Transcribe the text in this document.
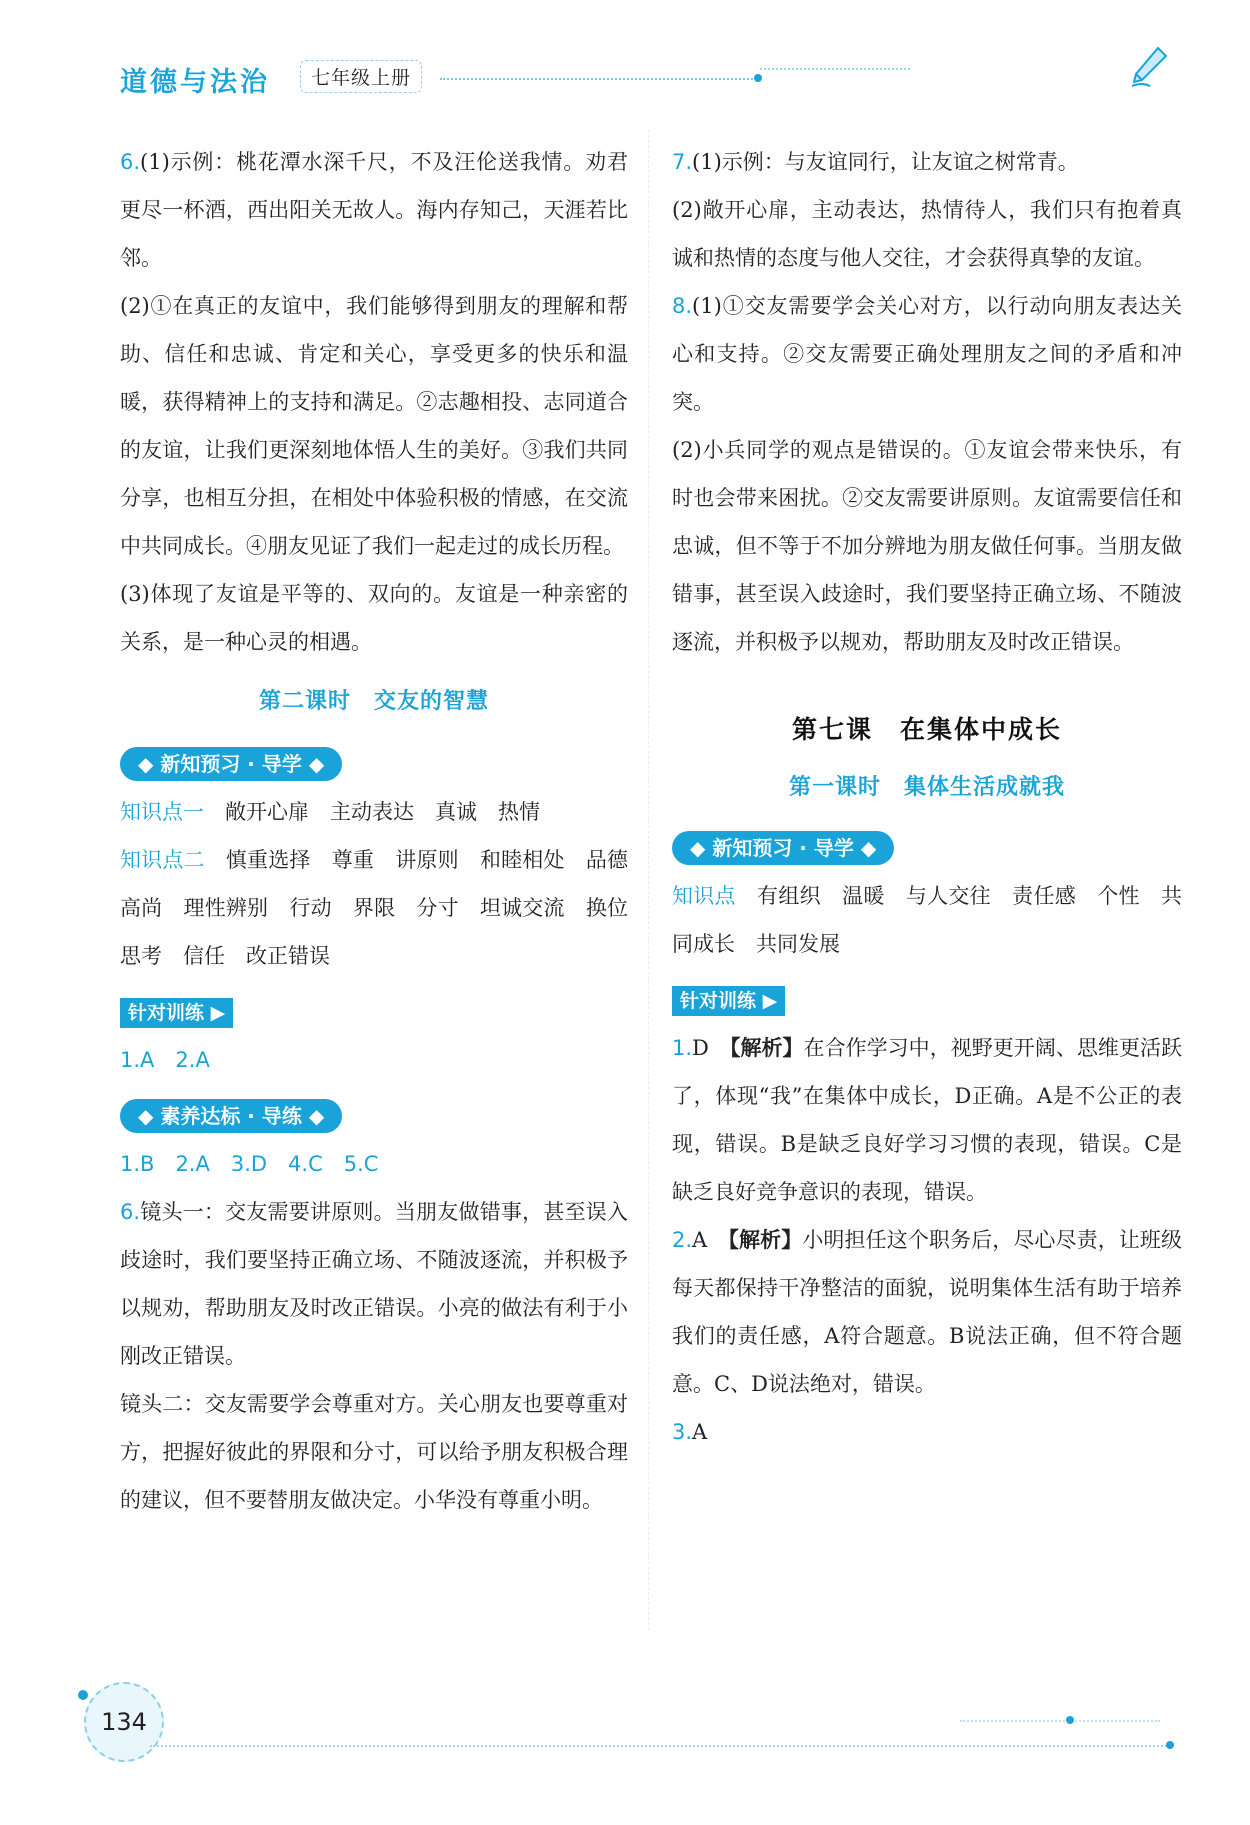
道德与法治	七年级上册

6.(1)示例：桃花潭水深千尺，不及汪伦送我情。劝君更尽一杯酒，西出阳关无故人。海内存知己，天涯若比邻。

(2)①在真正的友谊中，我们能够得到朋友的理解和帮助、信任和忠诚、肯定和关心，享受更多的快乐和温暖，获得精神上的支持和满足。②志趣相投、志同道合的友谊，让我们更深刻地体悟人生的美好。③我们共同分享，也相互分担，在相处中体验积极的情感，在交流中共同成长。④朋友见证了我们一起走过的成长历程。

(3)体现了友谊是平等的、双向的。友谊是一种亲密的关系，是一种心灵的相遇。

第二课时　交友的智慧
◆ 新知预习 · 导学 ◆

知识点一　敞开心扉　主动表达　真诚　热情

知识点二　慎重选择　尊重　讲原则　和睦相处　品德高尚　理性辨别　行动　界限　分寸　坦诚交流　换位思考　信任　改正错误

针对训练 ▶

1.A　2.A

◆ 素养达标 · 导练 ◆

1.B　2.A　3.D　4.C　5.C

6.镜头一：交友需要讲原则。当朋友做错事，甚至误入歧途时，我们要坚持正确立场、不随波逐流，并积极予以规劝，帮助朋友及时改正错误。小亮的做法有利于小刚改正错误。

镜头二：交友需要学会尊重对方。关心朋友也要尊重对方，把握好彼此的界限和分寸，可以给予朋友积极合理的建议，但不要替朋友做决定。小华没有尊重小明。

7.(1)示例：与友谊同行，让友谊之树常青。

(2)敞开心扉，主动表达，热情待人，我们只有抱着真诚和热情的态度与他人交往，才会获得真挚的友谊。

8.(1)①交友需要学会关心对方，以行动向朋友表达关心和支持。②交友需要正确处理朋友之间的矛盾和冲突。

(2)小兵同学的观点是错误的。①友谊会带来快乐，有时也会带来困扰。②交友需要讲原则。友谊需要信任和忠诚，但不等于不加分辨地为朋友做任何事。当朋友做错事，甚至误入歧途时，我们要坚持正确立场、不随波逐流，并积极予以规劝，帮助朋友及时改正错误。

第七课　在集体中成长
第一课时　集体生活成就我
◆ 新知预习 · 导学 ◆

知识点　有组织　温暖　与人交往　责任感　个性　共同成长　共同发展

针对训练 ▶

1.D　【解析】在合作学习中，视野更开阔、思维更活跃了，体现“我”在集体中成长，D正确。A是不公正的表现，错误。B是缺乏良好学习习惯的表现，错误。C是缺乏良好竞争意识的表现，错误。

2.A　【解析】小明担任这个职务后，尽心尽责，让班级每天都保持干净整洁的面貌，说明集体生活有助于培养我们的责任感，A符合题意。B说法正确，但不符合题意。C、D说法绝对，错误。

3.A

134
